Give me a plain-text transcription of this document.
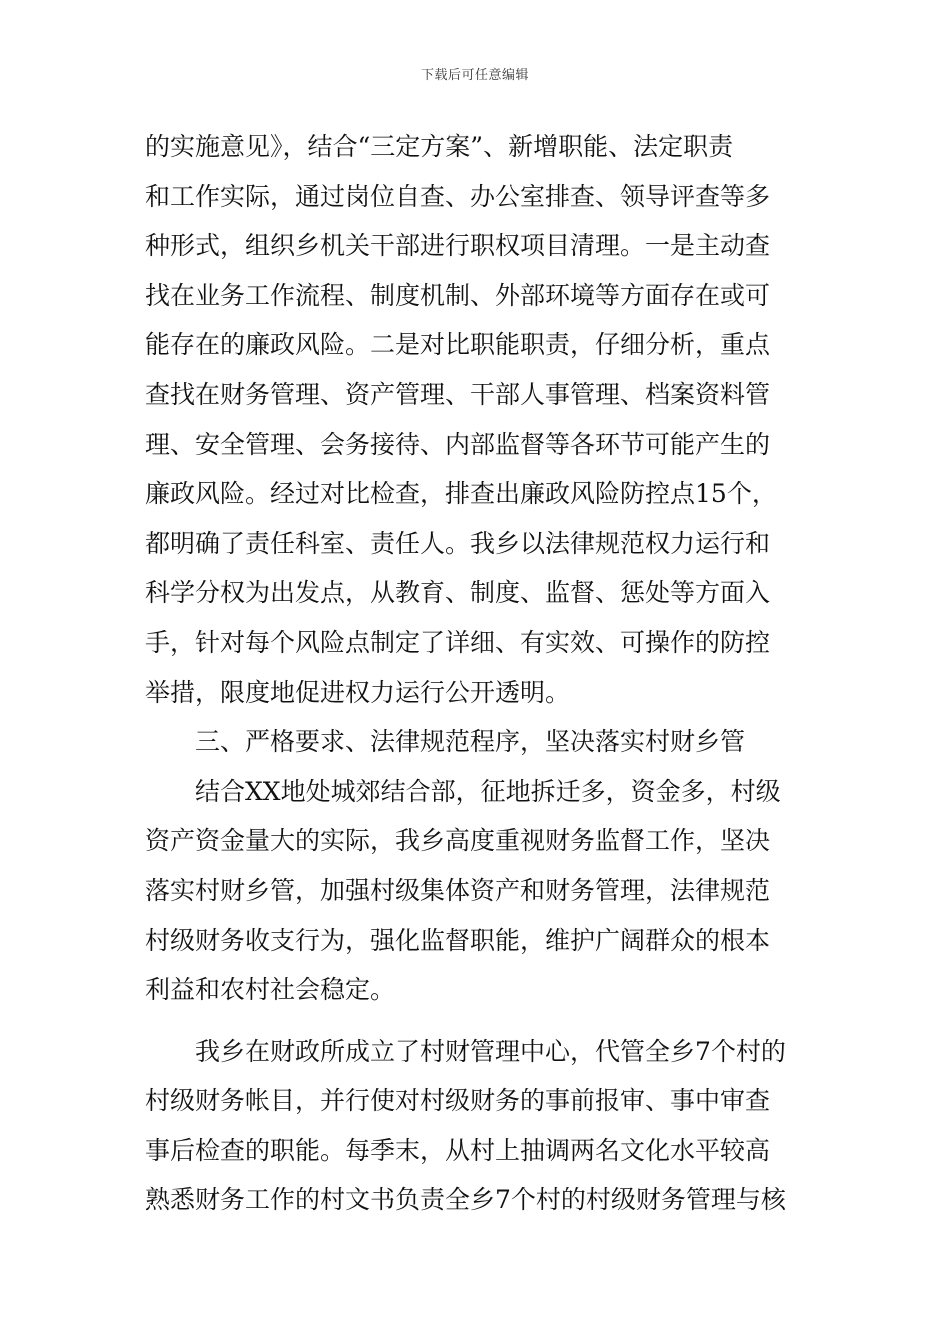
下载后可任意编辑
的实施意见》，结合“三定方案”、新增职能、法定职责
和工作实际，通过岗位自查、办公室排查、领导评查等多
种形式，组织乡机关干部进行职权项目清理。一是主动查
找在业务工作流程、制度机制、外部环境等方面存在或可
能存在的廉政风险。二是对比职能职责，仔细分析，重点
查找在财务管理、资产管理、干部人事管理、档案资料管
理、安全管理、会务接待、内部监督等各环节可能产生的
廉政风险。经过对比检查，排查出廉政风险防控点15个，
都明确了责任科室、责任人。我乡以法律规范权力运行和
科学分权为出发点，从教育、制度、监督、惩处等方面入
手，针对每个风险点制定了详细、有实效、可操作的防控
举措，限度地促进权力运行公开透明。
三、严格要求、法律规范程序，坚决落实村财乡管
结合XX地处城郊结合部，征地拆迁多，资金多，村级
资产资金量大的实际，我乡高度重视财务监督工作，坚决
落实村财乡管，加强村级集体资产和财务管理，法律规范
村级财务收支行为，强化监督职能，维护广阔群众的根本
利益和农村社会稳定。
我乡在财政所成立了村财管理中心，代管全乡7个村的
村级财务帐目，并行使对村级财务的事前报审、事中审查
事后检查的职能。每季末，从村上抽调两名文化水平较高
熟悉财务工作的村文书负责全乡7个村的村级财务管理与核
